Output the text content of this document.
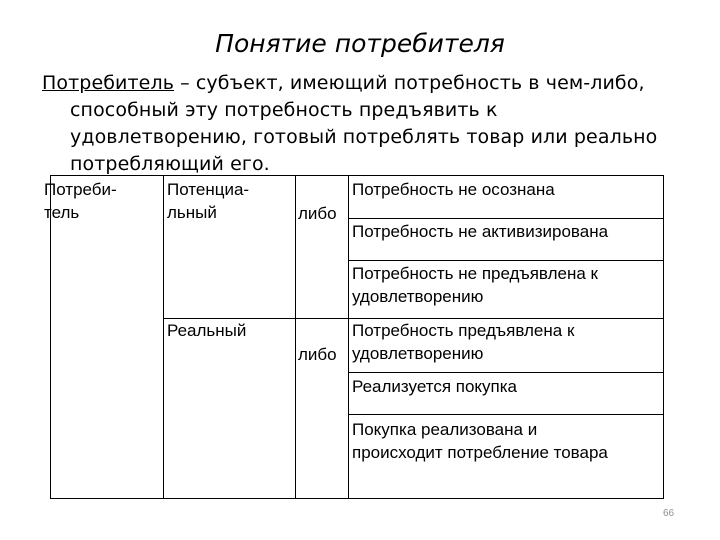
Понятие потребителя
Потребитель – субъект, имеющий потребность в чем-либо,
способный эту потребность предъявить к
удовлетворению, готовый потреблять товар или реально
потребляющий его.
Потреби-
тель
Потенциа-
льный
Реальный
либо
либо
Потребность не осознана
Потребность не активизирована
Потребность не предъявлена к
удовлетворению
Потребность предъявлена к
удовлетворению
Реализуется покупка
Покупка реализована и
происходит потребление товара
66
